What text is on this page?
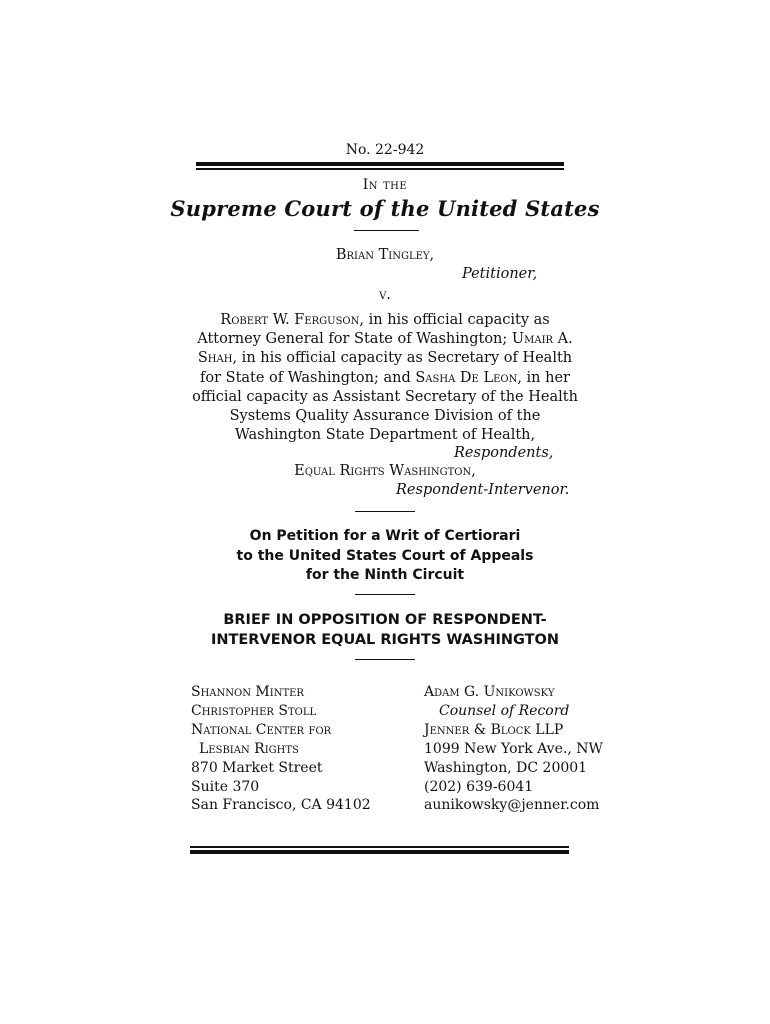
No. 22-942
In the
Supreme Court of the United States
Brian Tingley,
Petitioner,
v.
Robert W. Ferguson, in his official capacity as Attorney General for State of Washington; Umair A. Shah, in his official capacity as Secretary of Health for State of Washington; and Sasha De Leon, in her official capacity as Assistant Secretary of the Health Systems Quality Assurance Division of the Washington State Department of Health,
Respondents,
Equal Rights Washington,
Respondent-Intervenor.
On Petition for a Writ of Certiorari
to the United States Court of Appeals
for the Ninth Circuit
BRIEF IN OPPOSITION OF RESPONDENT-
INTERVENOR EQUAL RIGHTS WASHINGTON
Shannon Minter
Christopher Stoll
National Center for
Lesbian Rights
870 Market Street
Suite 370
San Francisco, CA 94102
Adam G. Unikowsky
Counsel of Record
Jenner & Block LLP
1099 New York Ave., NW
Washington, DC 20001
(202) 639-6041
aunikowsky@jenner.com
